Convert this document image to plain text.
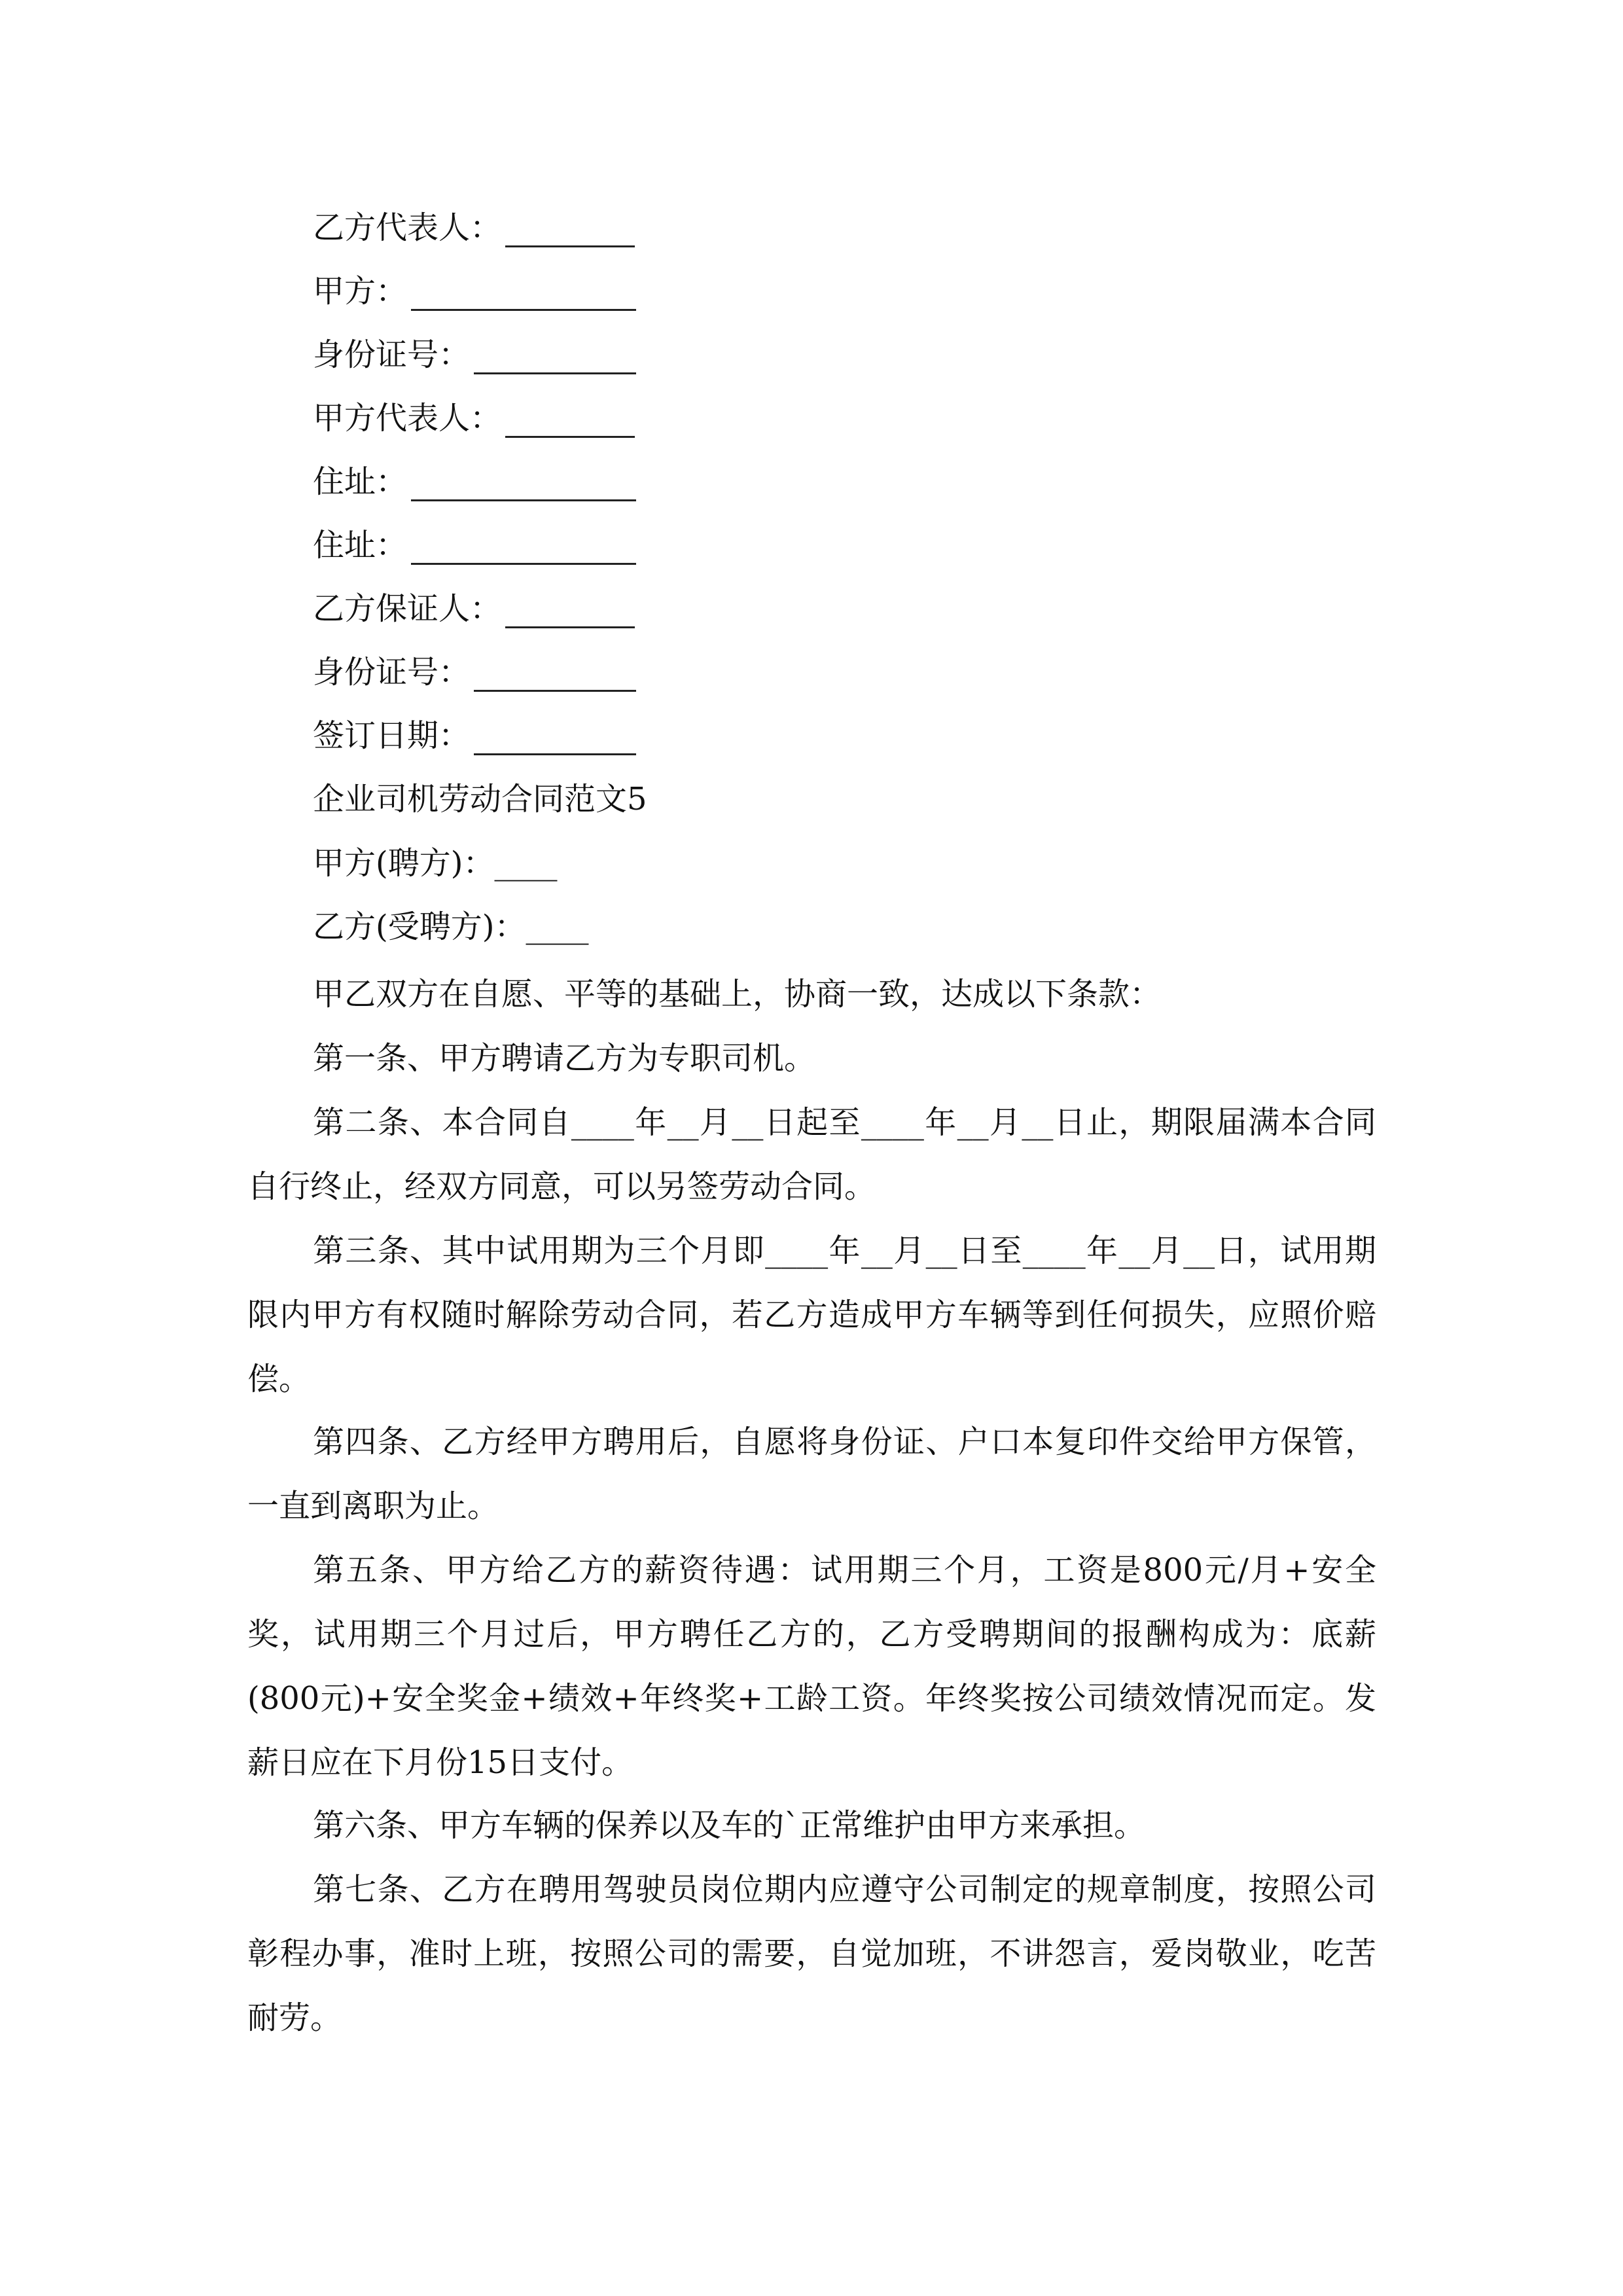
乙方代表人：
甲方：
身份证号：
甲方代表人：
住址：
住址：
乙方保证人：
身份证号：
签订日期：
企业司机劳动合同范文5
甲方(聘方)：____
乙方(受聘方)：____
甲乙双方在自愿、平等的基础上，协商一致，达成以下条款：
第一条、甲方聘请乙方为专职司机。
第二条、本合同自____年__月__日起至____年__月__日止，期限届满本合同自行终止，经双方同意，可以另签劳动合同。
第三条、其中试用期为三个月即____年__月__日至____年__月__日，试用期限内甲方有权随时解除劳动合同，若乙方造成甲方车辆等到任何损失，应照价赔偿。
第四条、乙方经甲方聘用后，自愿将身份证、户口本复印件交给甲方保管，一直到离职为止。
第五条、甲方给乙方的薪资待遇：试用期三个月，工资是800元/月+安全奖，试用期三个月过后，甲方聘任乙方的，乙方受聘期间的报酬构成为：底薪(800元)+安全奖金+绩效+年终奖+工龄工资。年终奖按公司绩效情况而定。发薪日应在下月份15日支付。
第六条、甲方车辆的保养以及车的`正常维护由甲方来承担。
第七条、乙方在聘用驾驶员岗位期内应遵守公司制定的规章制度，按照公司彰程办事，准时上班，按照公司的需要，自觉加班，不讲怨言，爱岗敬业，吃苦耐劳。
